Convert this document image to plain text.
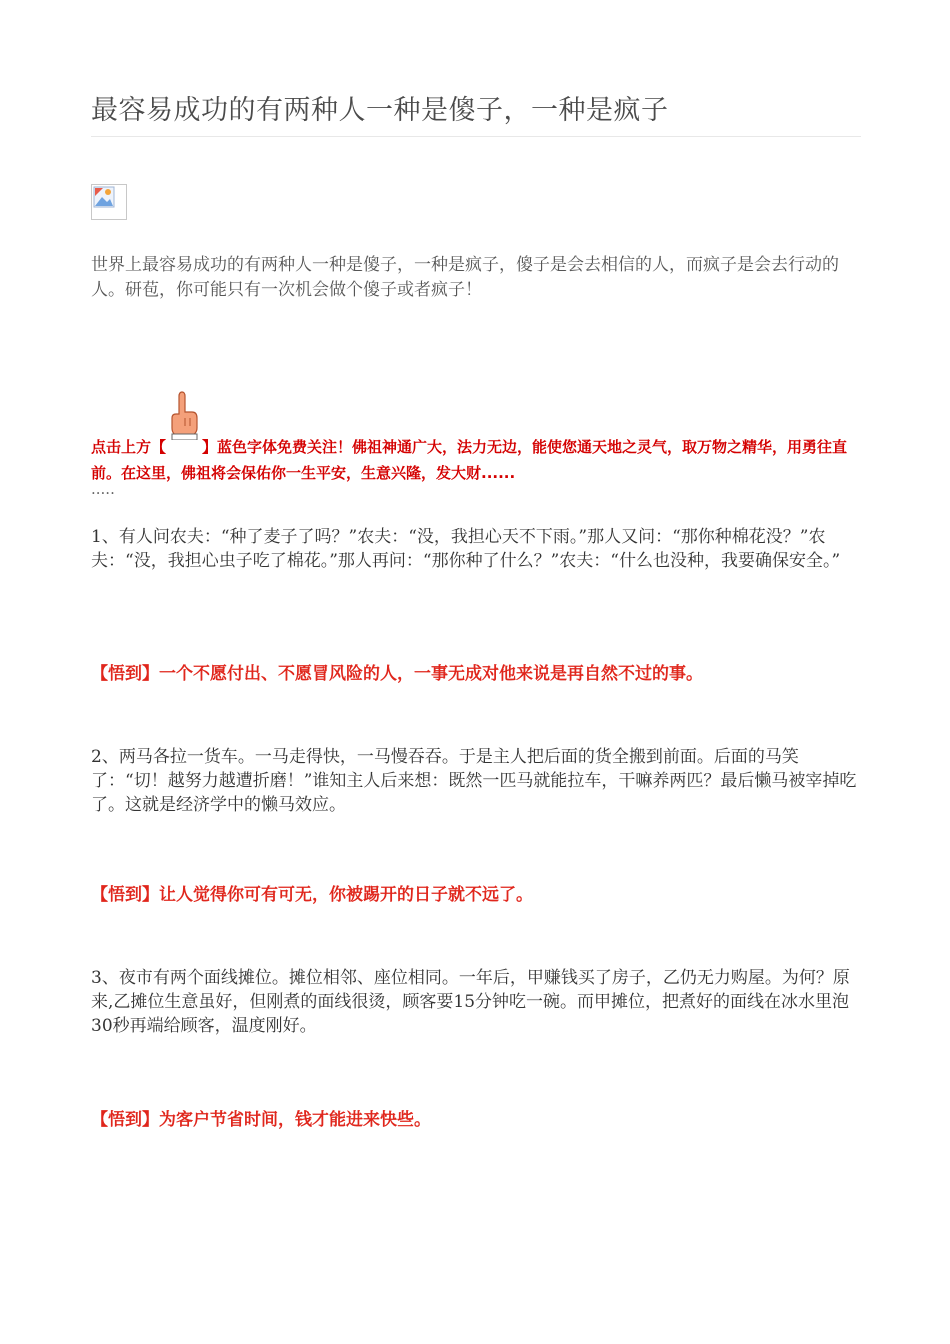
最容易成功的有两种人一种是傻子，一种是疯子

世界上最容易成功的有两种人一种是傻子，一种是疯子，傻子是会去相信的人，而疯子是会去行动的人。研苞，你可能只有一次机会做个傻子或者疯子！

点击上方【 】蓝色字体免费关注！佛祖神通广大，法力无边，能使您通天地之灵气，取万物之精华，用勇往直前。在这里，佛祖将会保佑你一生平安，生意兴隆，发大财......

.....

1、有人问农夫：“种了麦子了吗？”农夫：“没，我担心天不下雨。”那人又问：“那你种棉花没？”农夫：“没，我担心虫子吃了棉花。”那人再问：“那你种了什么？”农夫：“什么也没种，我要确保安全。”

【悟到】一个不愿付出、不愿冒风险的人，一事无成对他来说是再自然不过的事。

2、两马各拉一货车。一马走得快，一马慢吞吞。于是主人把后面的货全搬到前面。后面的马笑了：“切！越努力越遭折磨！”谁知主人后来想：既然一匹马就能拉车，干嘛养两匹？最后懒马被宰掉吃了。这就是经济学中的懒马效应。

【悟到】让人觉得你可有可无，你被踢开的日子就不远了。

3、夜市有两个面线摊位。摊位相邻、座位相同。一年后，甲赚钱买了房子，乙仍无力购屋。为何？原来,乙摊位生意虽好，但刚煮的面线很烫，顾客要15分钟吃一碗。而甲摊位，把煮好的面线在冰水里泡30秒再端给顾客，温度刚好。

【悟到】为客户节省时间，钱才能进来快些。
